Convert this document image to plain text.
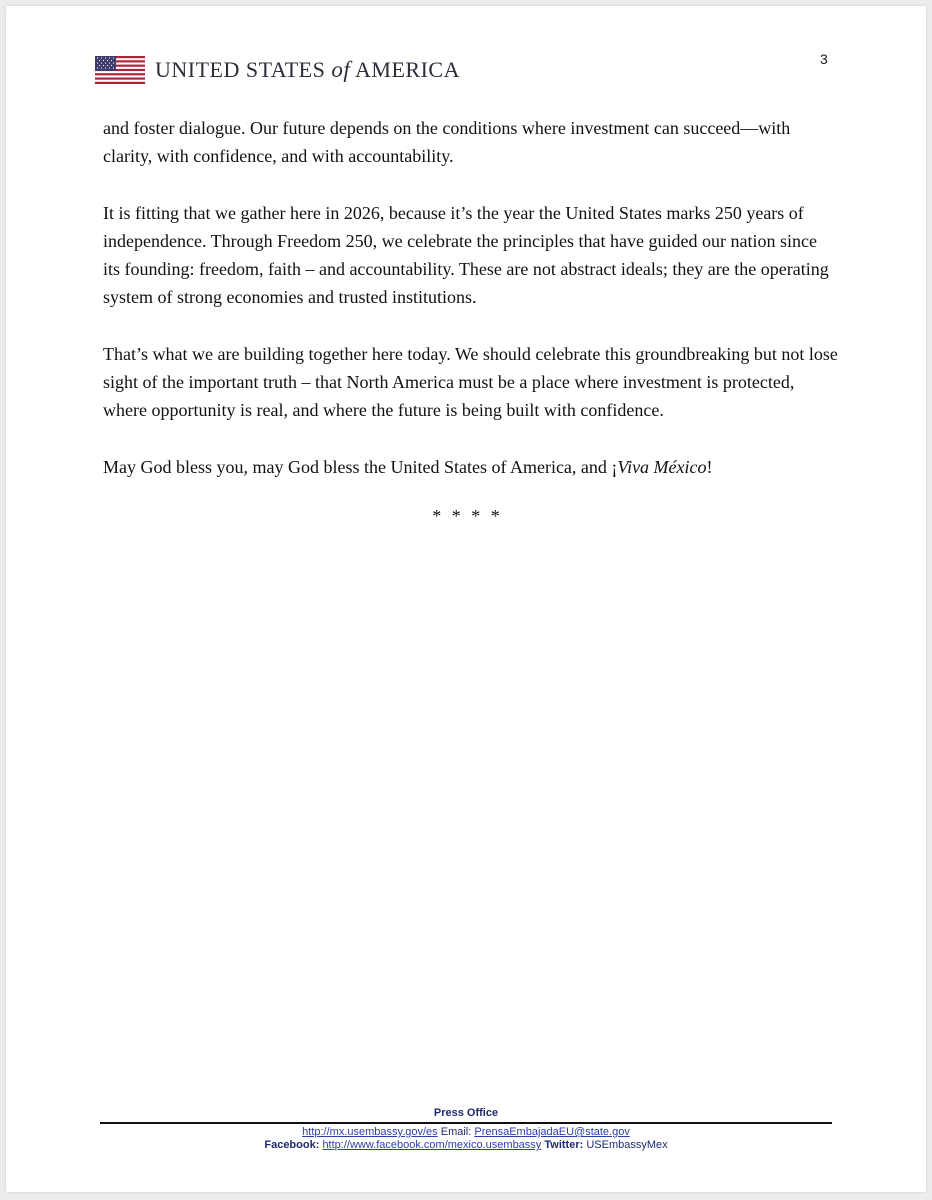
UNITED STATES of AMERICA	3

and foster dialogue. Our future depends on the conditions where investment can succeed—with clarity, with confidence, and with accountability.

It is fitting that we gather here in 2026, because it’s the year the United States marks 250 years of independence. Through Freedom 250, we celebrate the principles that have guided our nation since its founding: freedom, faith – and accountability. These are not abstract ideals; they are the operating system of strong economies and trusted institutions.

That’s what we are building together here today. We should celebrate this groundbreaking but not lose sight of the important truth – that North America must be a place where investment is protected, where opportunity is real, and where the future is being built with confidence.

May God bless you, may God bless the United States of America, and ¡Viva México!

* * * *
Press Office
http://mx.usembassy.gov/es Email: PrensaEmbajadaEU@state.gov
Facebook: http://www.facebook.com/mexico.usembassy Twitter: USEmbassyMex
